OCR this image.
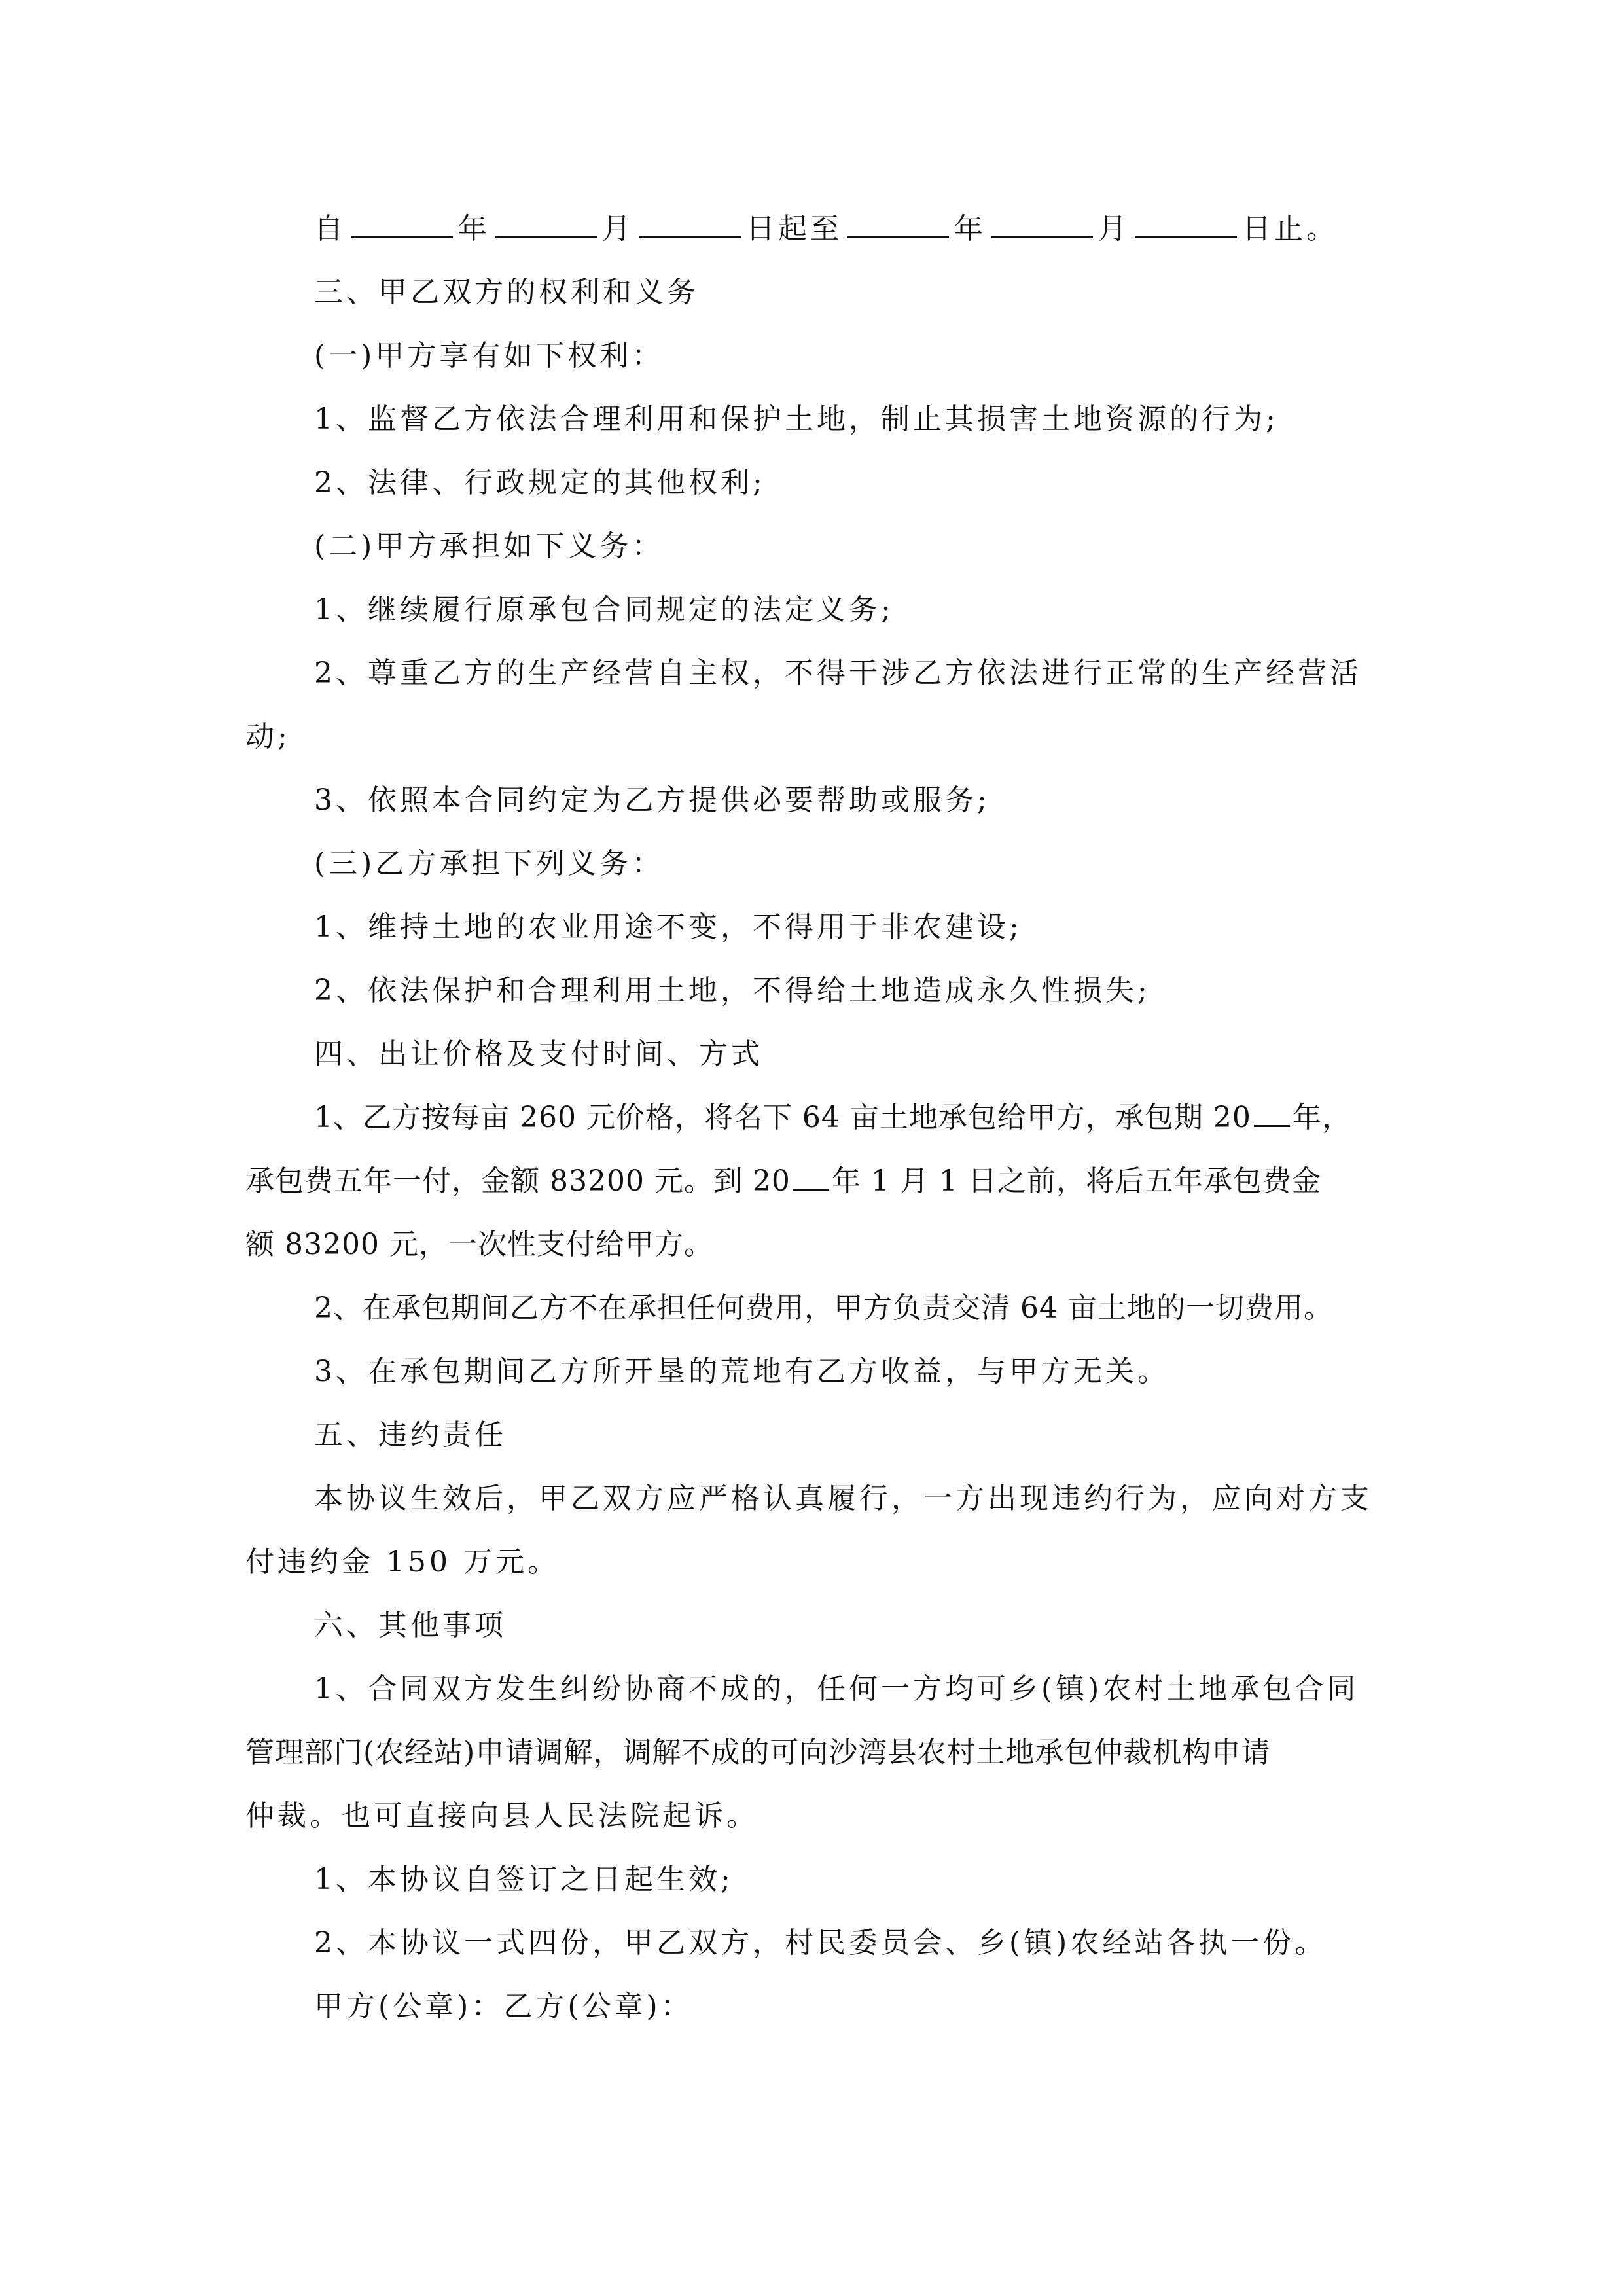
自	年	月	日起至	年	月	日止。
三、甲乙双方的权利和义务
(一)甲方享有如下权利：
1、监督乙方依法合理利用和保护土地，制止其损害土地资源的行为;
2、法律、行政规定的其他权利;
(二)甲方承担如下义务：
1、继续履行原承包合同规定的法定义务;
2、尊重乙方的生产经营自主权，不得干涉乙方依法进行正常的生产经营活
动;
3、依照本合同约定为乙方提供必要帮助或服务;
(三)乙方承担下列义务：
1、维持土地的农业用途不变，不得用于非农建设;
2、依法保护和合理利用土地，不得给土地造成永久性损失;
四、出让价格及支付时间、方式
1、乙方按每亩 260 元价格，将名下 64 亩土地承包给甲方，承包期 20 年，
承包费五年一付，金额 83200 元。到 20 年 1 月 1 日之前，将后五年承包费金
额 83200 元，一次性支付给甲方。
2、在承包期间乙方不在承担任何费用，甲方负责交清 64 亩土地的一切费用。
3、在承包期间乙方所开垦的荒地有乙方收益，与甲方无关。
五、违约责任
本协议生效后，甲乙双方应严格认真履行，一方出现违约行为，应向对方支
付违约金 150 万元。
六、其他事项
1、合同双方发生纠纷协商不成的，任何一方均可乡(镇)农村土地承包合同
管理部门(农经站)申请调解，调解不成的可向沙湾县农村土地承包仲裁机构申请
仲裁。也可直接向县人民法院起诉。
1、本协议自签订之日起生效;
2、本协议一式四份，甲乙双方，村民委员会、乡(镇)农经站各执一份。
甲方(公章)：乙方(公章)：
